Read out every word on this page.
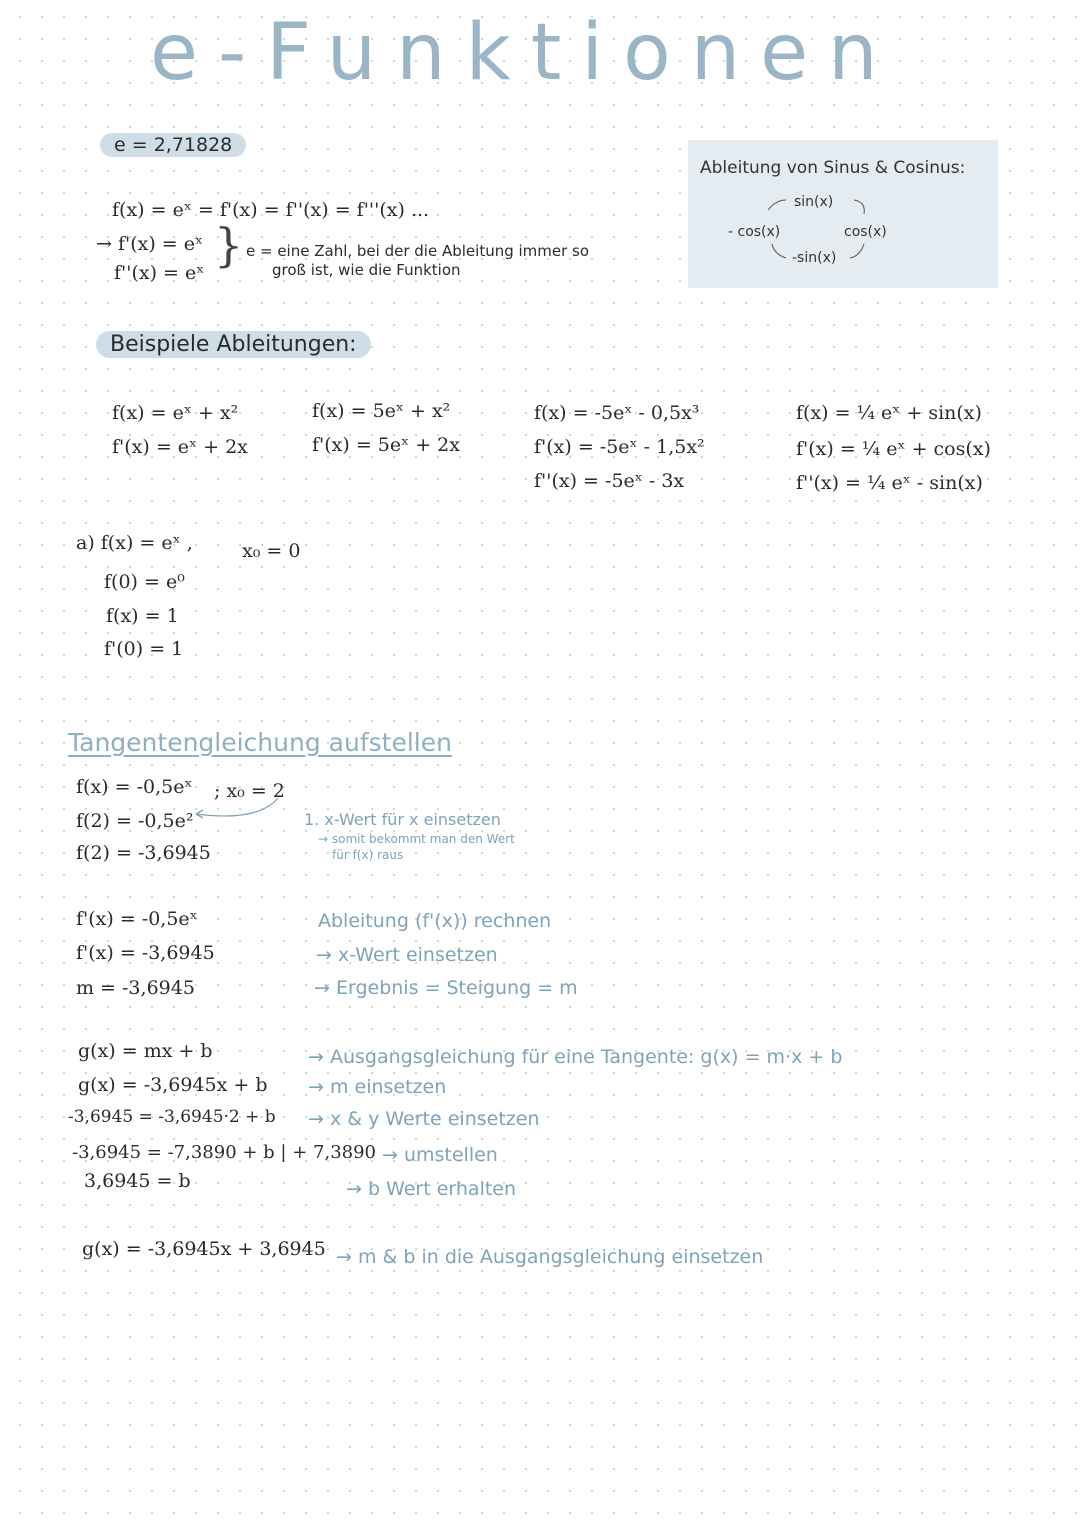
e-Funktionen
e = 2,71828
f(x) = eˣ = f'(x) = f''(x) = f'''(x) ...
→ f'(x) = eˣ
f''(x) = eˣ
} e = eine Zahl, bei der die Ableitung immer so
groß ist, wie die Funktion
Ableitung von Sinus & Cosinus:
sin(x)
cos(x)
-sin(x)
- cos(x)
Beispiele Ableitungen:
f(x) = eˣ + x²
f'(x) = eˣ + 2x
f(x) = 5eˣ + x²
f'(x) = 5eˣ + 2x
f(x) = -5eˣ - 0,5x³
f'(x) = -5eˣ - 1,5x²
f''(x) = -5eˣ - 3x
f(x) = ¼ eˣ + sin(x)
f'(x) = ¼ eˣ + cos(x)
f''(x) = ¼ eˣ - sin(x)
a) f(x) = eˣ ,	x₀ = 0
f(0) = e⁰
f(x) = 1
f'(0) = 1
Tangentengleichung aufstellen
f(x) = -0,5eˣ ; x₀ = 2
f(2) = -0,5e²
f(2) = -3,6945
1. x-Wert für x einsetzen
→ somit bekommt man den Wert
für f(x) raus
f'(x) = -0,5eˣ
f'(x) = -3,6945
m = -3,6945
Ableitung (f'(x)) rechnen
→ x-Wert einsetzen
→ Ergebnis = Steigung = m
g(x) = mx + b
g(x) = -3,6945x + b
-3,6945 = -3,6945·2 + b
-3,6945 = -7,3890 + b | + 7,3890
3,6945 = b
→ Ausgangsgleichung für eine Tangente: g(x) = m·x + b
→ m einsetzen
→ x & y Werte einsetzen
→ umstellen
→ b Wert erhalten
g(x) = -3,6945x + 3,6945 → m & b in die Ausgangsgleichung einsetzen
